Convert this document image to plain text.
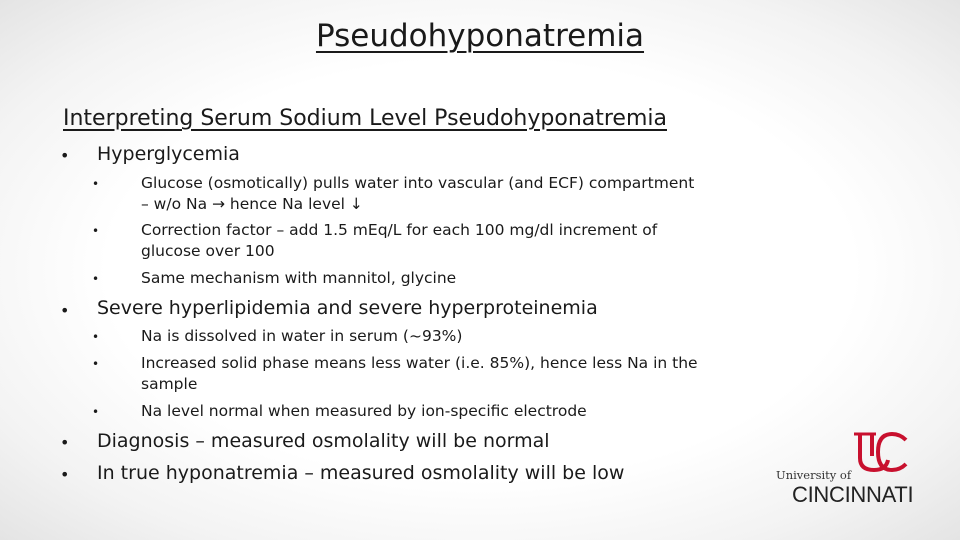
Pseudohyponatremia
Interpreting Serum Sodium Level Pseudohyponatremia
• Hyperglycemia
•	Glucose (osmotically) pulls water into vascular (and ECF) compartment – w/o Na → hence Na level ↓
•	Correction factor – add 1.5 mEq/L for each 100 mg/dl increment of glucose over 100
•	Same mechanism with mannitol, glycine
• Severe hyperlipidemia and severe hyperproteinemia
•	Na is dissolved in water in serum (~93%)
•	Increased solid phase means less water (i.e. 85%), hence less Na in the sample
•	Na level normal when measured by ion-specific electrode
• Diagnosis – measured osmolality will be normal
• In true hyponatremia – measured osmolality will be low	University of
CINCINNATI
